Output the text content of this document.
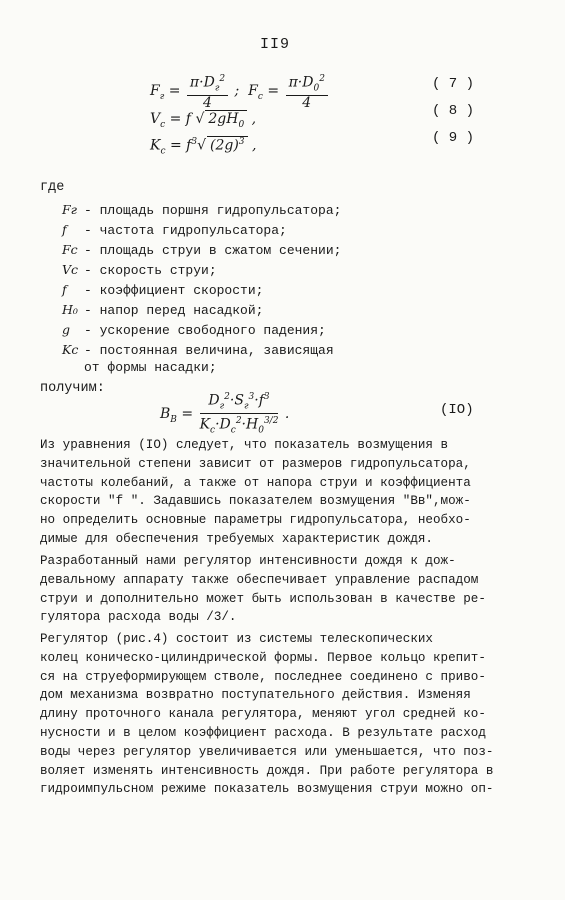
II9
$F_г = \frac{\pi\cdot D_г^2}{4}$ ;  $F_c = \frac{\pi\cdot D_0^2}{4}$	( 7 )
$V_c = f$ √ $2gH_0$ ,	( 8 )
$K_c = f^3√$ $(2g)^3$ ,	( 9 )
где
Fг - площадь поршня гидропульсатора;
f - частота гидропульсатора;
Fс - площадь струи в сжатом сечении;
Vс - скорость струи;
f - коэффициент скорости;
H₀ - напор перед насадкой;
g - ускорение свободного падения;
Kс - постоянная величина, зависящая
от формы насадки;
получим:
$B_B = \frac{D_г^2\cdot S_г^3\cdot f^3}{K_c\cdot D_c^2\cdot H_0^{3/2}}$ .	(IO)
Из уравнения (IO) следует, что показатель возмущения в
значительной степени зависит от размеров гидропульсатора,
частоты колебаний, а также от напора струи и коэффициента
скорости "f ". Задавшись показателем возмущения "Вв",мож-
но определить основные параметры гидропульсатора, необхо-
димые для обеспечения требуемых характеристик дождя.
Разработанный нами регулятор интенсивности дождя к дож-
девальному аппарату также обеспечивает управление распадом
струи и дополнительно может быть использован в качестве ре-
гулятора расхода воды /3/.
Регулятор (рис.4) состоит из системы телескопических
колец коническо-цилиндрической формы. Первое кольцо крепит-
ся на струеформирующем стволе, последнее соединено с приво-
дом механизма возвратно поступательного действия. Изменяя
длину проточного канала регулятора, меняют угол средней ко-
нусности и в целом коэффициент расхода. В результате расход
воды через регулятор увеличивается или уменьшается, что поз-
воляет изменять интенсивность дождя. При работе регулятора в
гидроимпульсном режиме показатель возмущения струи можно оп-
